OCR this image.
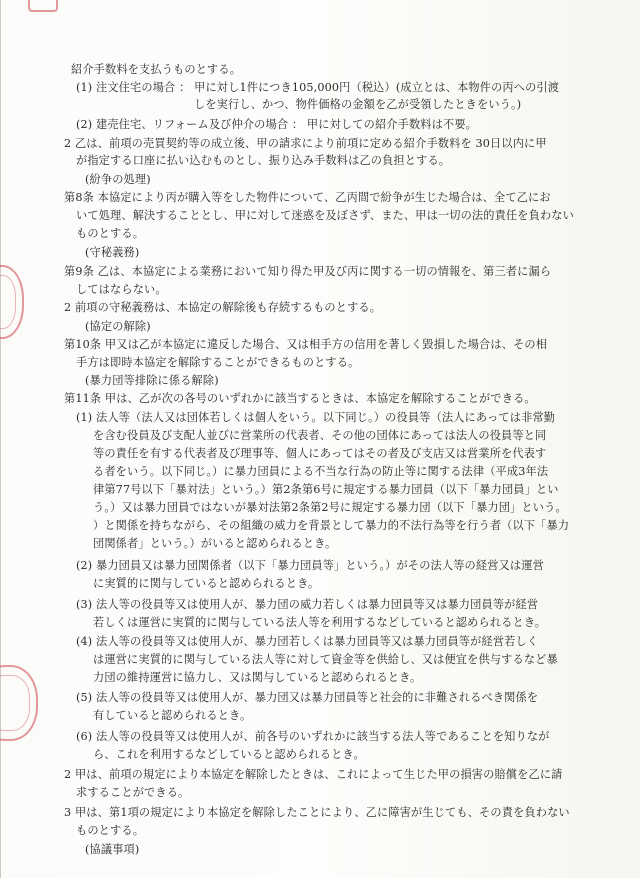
紹介手数料を支払うものとする。
(1) 注文住宅の場合 ： 甲に対し1件につき105,000円（税込）(成立とは、本物件の丙への引渡
しを実行し、かつ、物件価格の金額を乙が受領したときをいう。)
(2) 建売住宅、リフォーム及び仲介の場合 ： 甲に対しての紹介手数料は不要。
2 乙は、前項の売買契約等の成立後、甲の請求により前項に定める紹介手数料を 30日以内に甲
が指定する口座に払い込むものとし、振り込み手数料は乙の負担とする。
(紛争の処理)
第8条 本協定により丙が購入等をした物件について、乙丙間で紛争が生じた場合は、全て乙にお
いて処理、解決することとし、甲に対して迷惑を及ぼさず、また、甲は一切の法的責任を負わない
ものとする。
(守秘義務)
第9条 乙は、本協定による業務において知り得た甲及び丙に関する一切の情報を、第三者に漏ら
してはならない。
2 前項の守秘義務は、本協定の解除後も存続するものとする。
(協定の解除)
第10条 甲又は乙が本協定に違反した場合、又は相手方の信用を著しく毀損した場合は、その相
手方は即時本協定を解除することができるものとする。
(暴力団等排除に係る解除)
第11条 甲は、乙が次の各号のいずれかに該当するときは、本協定を解除することができる。
(1) 法人等（法人又は団体若しくは個人をいう。以下同じ。）の役員等（法人にあっては非常勤
を含む役員及び支配人並びに営業所の代表者、その他の団体にあっては法人の役員等と同
等の責任を有する代表者及び理事等、個人にあってはその者及び支店又は営業所を代表す
る者をいう。以下同じ。）に暴力団員による不当な行為の防止等に関する法律（平成3年法
律第77号以下「暴対法」という。）第2条第6号に規定する暴力団員（以下「暴力団員」とい
う。）又は暴力団員ではないが暴対法第2条第2号に規定する暴力団（以下「暴力団」という。
）と関係を持ちながら、その組織の威力を背景として暴力的不法行為等を行う者（以下「暴力
団関係者」という。）がいると認められるとき。
(2) 暴力団員又は暴力団関係者（以下「暴力団員等」という。）がその法人等の経営又は運営
に実質的に関与していると認められるとき。
(3) 法人等の役員等又は使用人が、暴力団の威力若しくは暴力団員等又は暴力団員等が経営
若しくは運営に実質的に関与している法人等を利用するなどしていると認められるとき。
(4) 法人等の役員等又は使用人が、暴力団若しくは暴力団員等又は暴力団員等が経営若しく
は運営に実質的に関与している法人等に対して資金等を供給し、又は便宜を供与するなど暴
力団の維持運営に協力し、又は関与していると認められるとき。
(5) 法人等の役員等又は使用人が、暴力団又は暴力団員等と社会的に非難されるべき関係を
有していると認められるとき。
(6) 法人等の役員等又は使用人が、前各号のいずれかに該当する法人等であることを知りなが
ら、これを利用するなどしていると認められるとき。
2 甲は、前項の規定により本協定を解除したときは、これによって生じた甲の損害の賠償を乙に請
求することができる。
3 甲は、第1項の規定により本協定を解除したことにより、乙に障害が生じても、その責を負わない
ものとする。
(協議事項)
